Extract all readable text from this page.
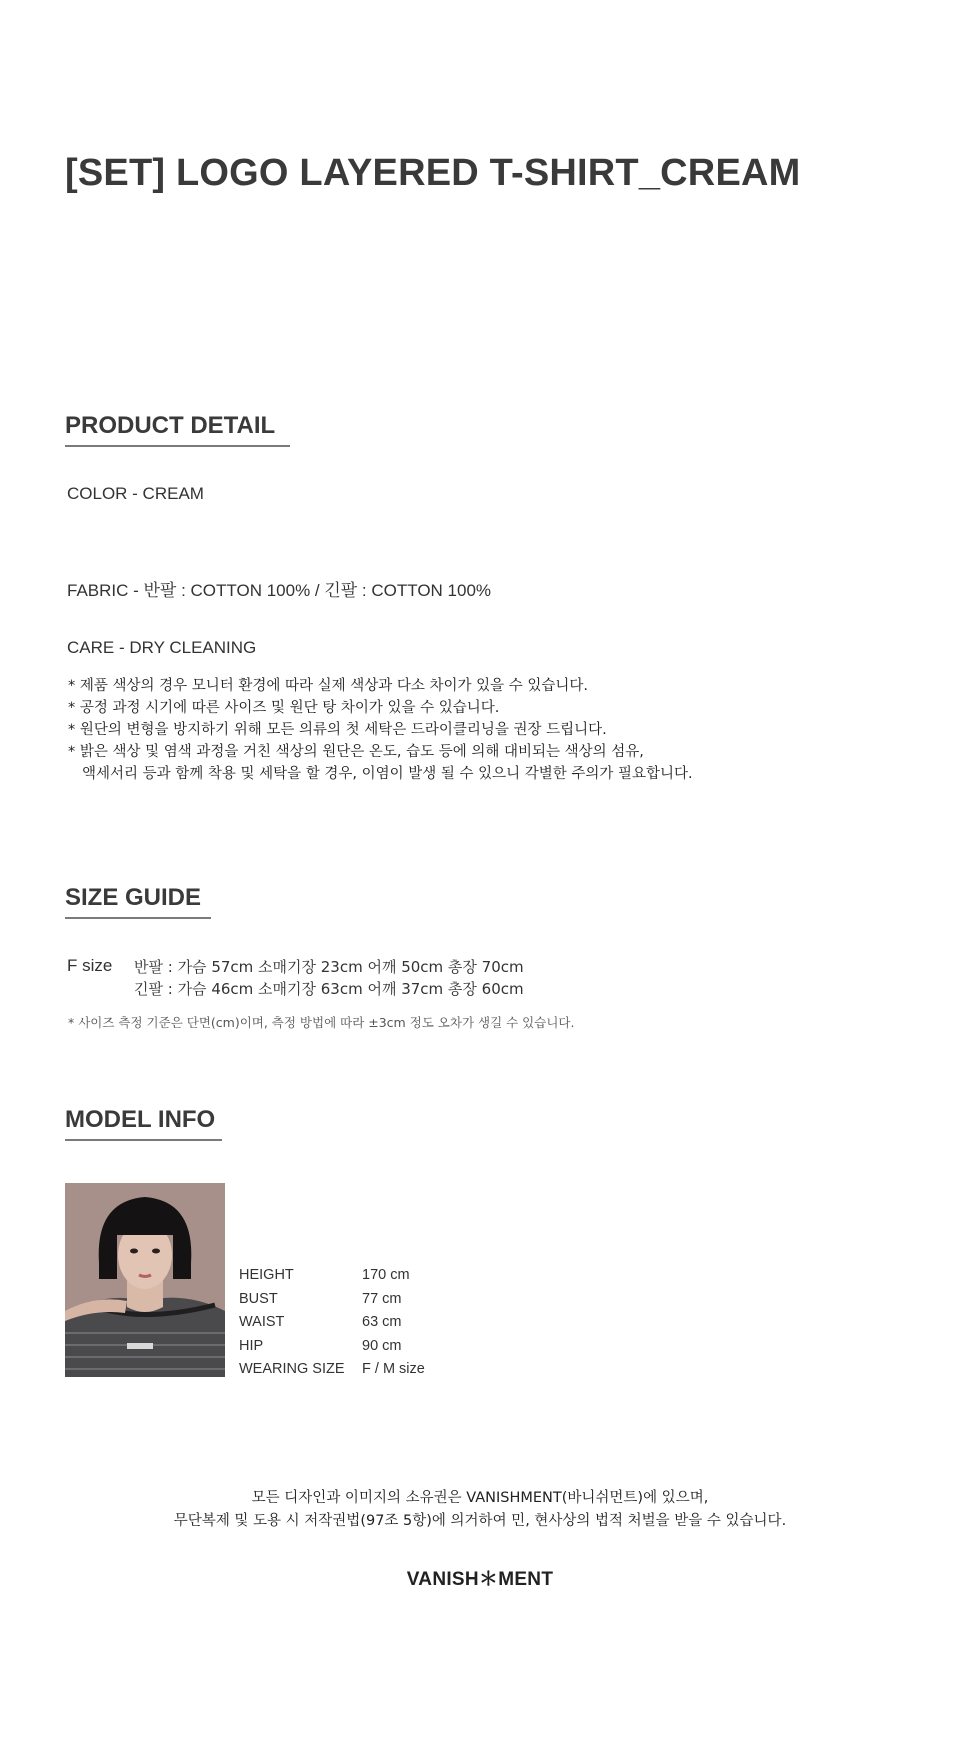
[SET] LOGO LAYERED T-SHIRT_CREAM
PRODUCT DETAIL
COLOR - CREAM
FABRIC - 반팔 : COTTON 100% / 긴팔 : COTTON 100%
CARE - DRY CLEANING
* 제품 색상의 경우 모니터 환경에 따라 실제 색상과 다소 차이가 있을 수 있습니다.
* 공정 과정 시기에 따른 사이즈 및 원단 탕 차이가 있을 수 있습니다.
* 원단의 변형을 방지하기 위해 모든 의류의 첫 세탁은 드라이클리닝을 권장 드립니다.
* 밝은 색상 및 염색 과정을 거친 색상의 원단은 온도, 습도 등에 의해 대비되는 색상의 섬유,
액세서리 등과 함께 착용 및 세탁을 할 경우, 이염이 발생 될 수 있으니 각별한 주의가 필요합니다.
SIZE GUIDE
F size 반팔 : 가슴 57cm 소매기장 23cm 어깨 50cm 총장 70cm
긴팔 : 가슴 46cm 소매기장 63cm 어깨 37cm 총장 60cm
* 사이즈 측정 기준은 단면(cm)이며, 측정 방법에 따라 ±3cm 정도 오차가 생길 수 있습니다.
MODEL INFO
HEIGHT	170 cm
BUST	77 cm
WAIST	63 cm
HIP	90 cm
WEARING SIZE	F / M size
모든 디자인과 이미지의 소유권은 VANISHMENT(바니쉬먼트)에 있으며,
무단복제 및 도용 시 저작권법(97조 5항)에 의거하여 민, 현사상의 법적 처벌을 받을 수 있습니다.
VANISH＊MENT
